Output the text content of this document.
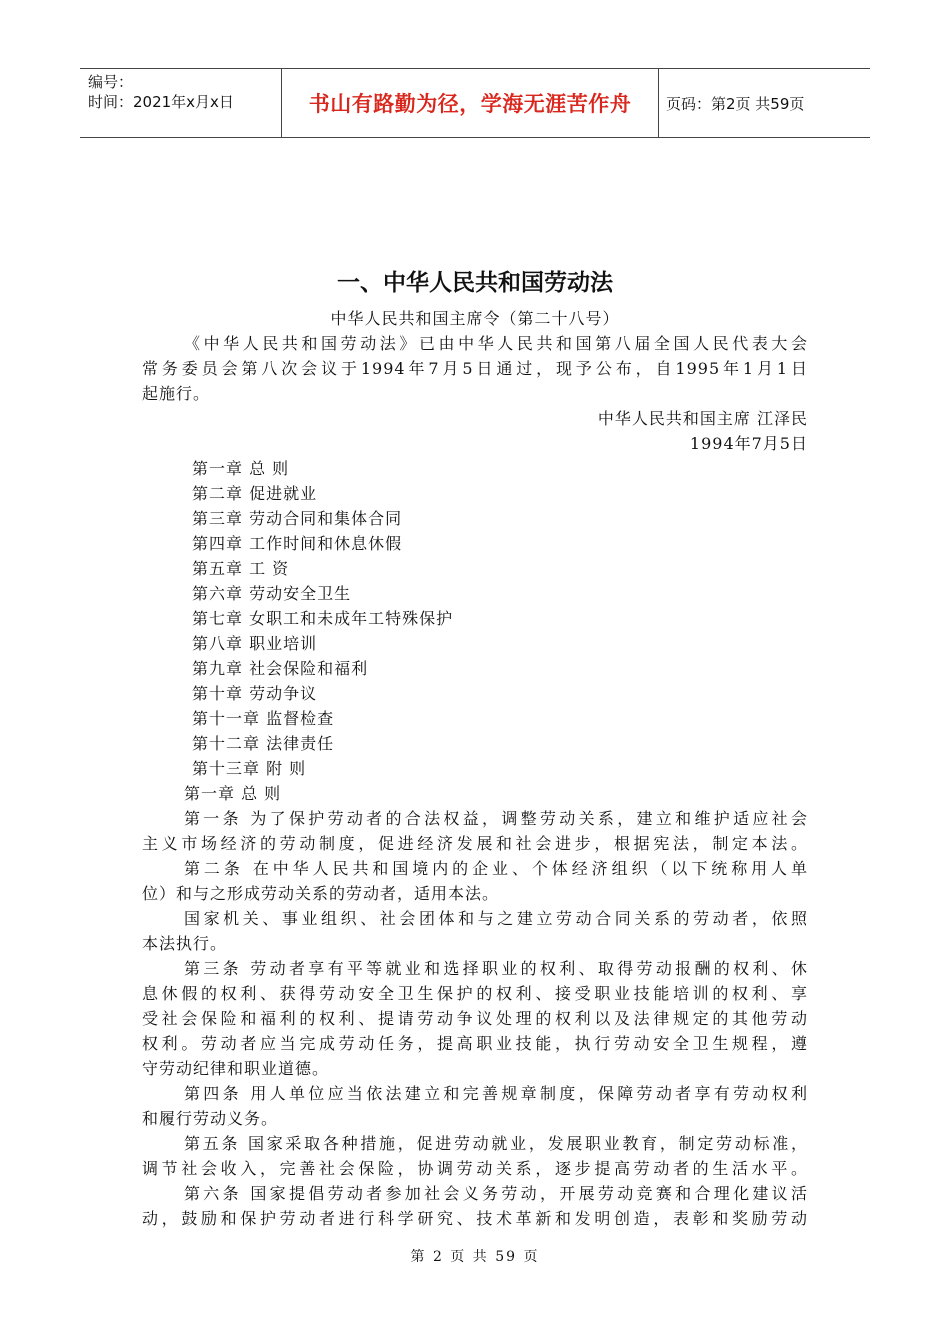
编号：
时间：2021年x月x日	书山有路勤为径，学海无涯苦作舟	页码：第2页 共59页
一、中华人民共和国劳动法
中华人民共和国主席令（第二十八号）
《中华人民共和国劳动法》已由中华人民共和国第八届全国人民代表大会
常务委员会第八次会议于1994年7月5日通过，现予公布，自1995年1月1日
起施行。
中华人民共和国主席 江泽民
1994年7月5日
第一章 总 则
第二章 促进就业
第三章 劳动合同和集体合同
第四章 工作时间和休息休假
第五章 工 资
第六章 劳动安全卫生
第七章 女职工和未成年工特殊保护
第八章 职业培训
第九章 社会保险和福利
第十章 劳动争议
第十一章 监督检查
第十二章 法律责任
第十三章 附 则
第一章 总 则
第一条 为了保护劳动者的合法权益，调整劳动关系，建立和维护适应社会
主义市场经济的劳动制度，促进经济发展和社会进步，根据宪法，制定本法。
第二条 在中华人民共和国境内的企业、个体经济组织（以下统称用人单
位）和与之形成劳动关系的劳动者，适用本法。
国家机关、事业组织、社会团体和与之建立劳动合同关系的劳动者，依照
本法执行。
第三条 劳动者享有平等就业和选择职业的权利、取得劳动报酬的权利、休
息休假的权利、获得劳动安全卫生保护的权利、接受职业技能培训的权利、享
受社会保险和福利的权利、提请劳动争议处理的权利以及法律规定的其他劳动
权利。劳动者应当完成劳动任务，提高职业技能，执行劳动安全卫生规程，遵
守劳动纪律和职业道德。
第四条 用人单位应当依法建立和完善规章制度，保障劳动者享有劳动权利
和履行劳动义务。
第五条 国家采取各种措施，促进劳动就业，发展职业教育，制定劳动标准，
调节社会收入，完善社会保险，协调劳动关系，逐步提高劳动者的生活水平。
第六条 国家提倡劳动者参加社会义务劳动，开展劳动竞赛和合理化建议活
动，鼓励和保护劳动者进行科学研究、技术革新和发明创造，表彰和奖励劳动
第 2 页 共 59 页
